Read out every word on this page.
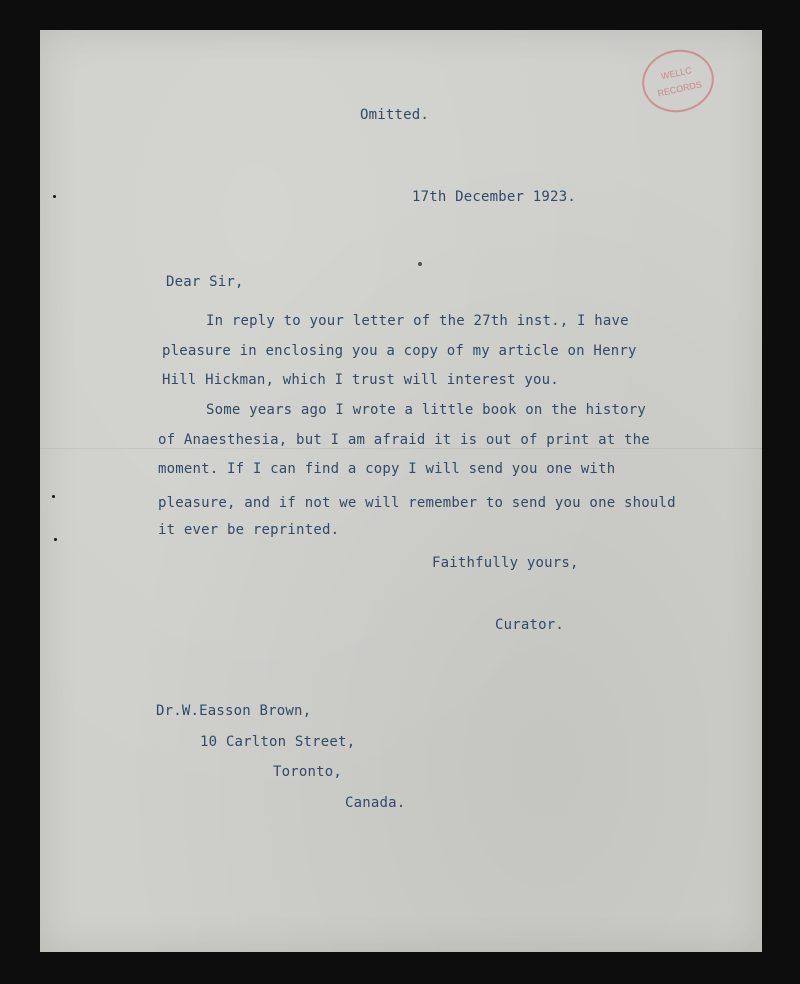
WELLC
RECORDS

Omitted.

17th December 1923.

Dear Sir,

In reply to your letter of the 27th inst., I have

pleasure in enclosing you a copy of my article on Henry

Hill Hickman, which I trust will interest you.

Some years ago I wrote a little book on the history

of Anaesthesia, but I am afraid it is out of print at the

moment. If I can find a copy I will send you one with

pleasure, and if not we will remember to send you one should

it ever be reprinted.

Faithfully yours,

Curator.

Dr.W.Easson Brown,

10 Carlton Street,

Toronto,

Canada.
